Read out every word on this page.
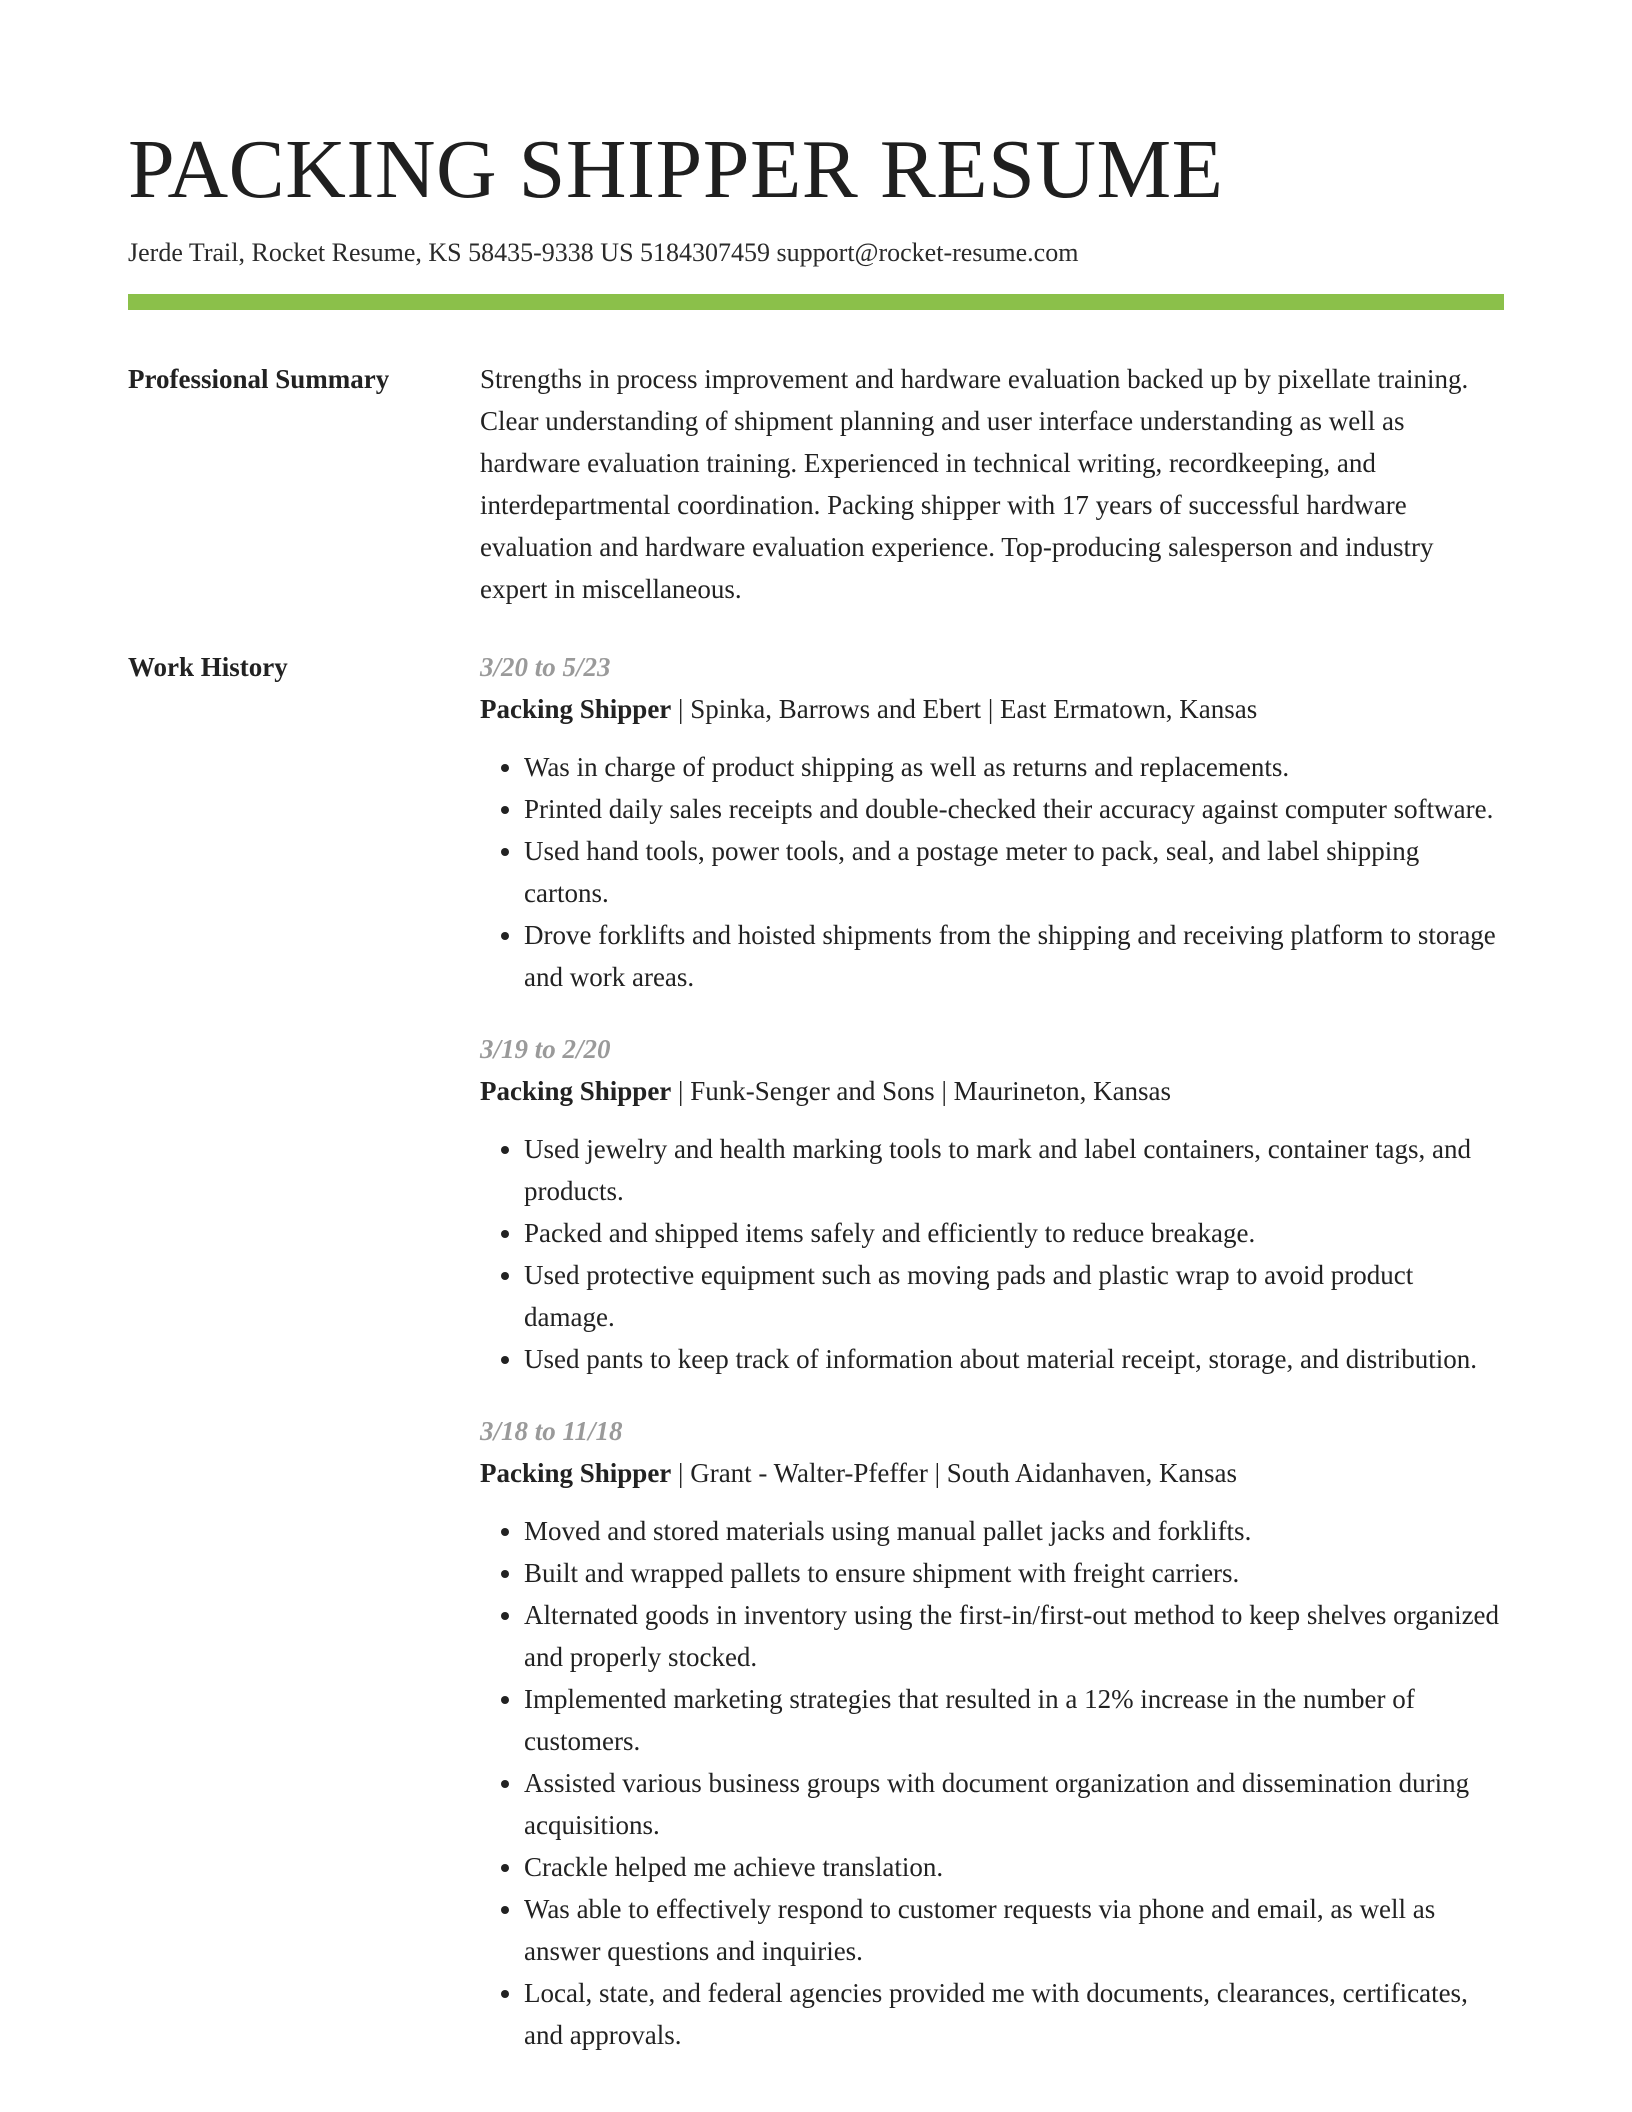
PACKING SHIPPER RESUME
Jerde Trail, Rocket Resume, KS 58435-9338 US 5184307459 support@rocket-resume.com
Professional Summary	Strengths in process improvement and hardware evaluation backed up by pixellate training. Clear understanding of shipment planning and user interface understanding as well as hardware evaluation training. Experienced in technical writing, recordkeeping, and interdepartmental coordination. Packing shipper with 17 years of successful hardware evaluation and hardware evaluation experience. Top-producing salesperson and industry expert in miscellaneous.

Work History	3/20 to 5/23
Packing Shipper | Spinka, Barrows and Ebert | East Ermatown, Kansas
• Was in charge of product shipping as well as returns and replacements.
• Printed daily sales receipts and double-checked their accuracy against computer software.
• Used hand tools, power tools, and a postage meter to pack, seal, and label shipping cartons.
• Drove forklifts and hoisted shipments from the shipping and receiving platform to storage and work areas.
3/19 to 2/20
Packing Shipper | Funk-Senger and Sons | Maurineton, Kansas
• Used jewelry and health marking tools to mark and label containers, container tags, and products.
• Packed and shipped items safely and efficiently to reduce breakage.
• Used protective equipment such as moving pads and plastic wrap to avoid product damage.
• Used pants to keep track of information about material receipt, storage, and distribution.
3/18 to 11/18
Packing Shipper | Grant - Walter-Pfeffer | South Aidanhaven, Kansas
• Moved and stored materials using manual pallet jacks and forklifts.
• Built and wrapped pallets to ensure shipment with freight carriers.
• Alternated goods in inventory using the first-in/first-out method to keep shelves organized and properly stocked.
• Implemented marketing strategies that resulted in a 12% increase in the number of customers.
• Assisted various business groups with document organization and dissemination during acquisitions.
• Crackle helped me achieve translation.
• Was able to effectively respond to customer requests via phone and email, as well as answer questions and inquiries.
• Local, state, and federal agencies provided me with documents, clearances, certificates, and approvals.
